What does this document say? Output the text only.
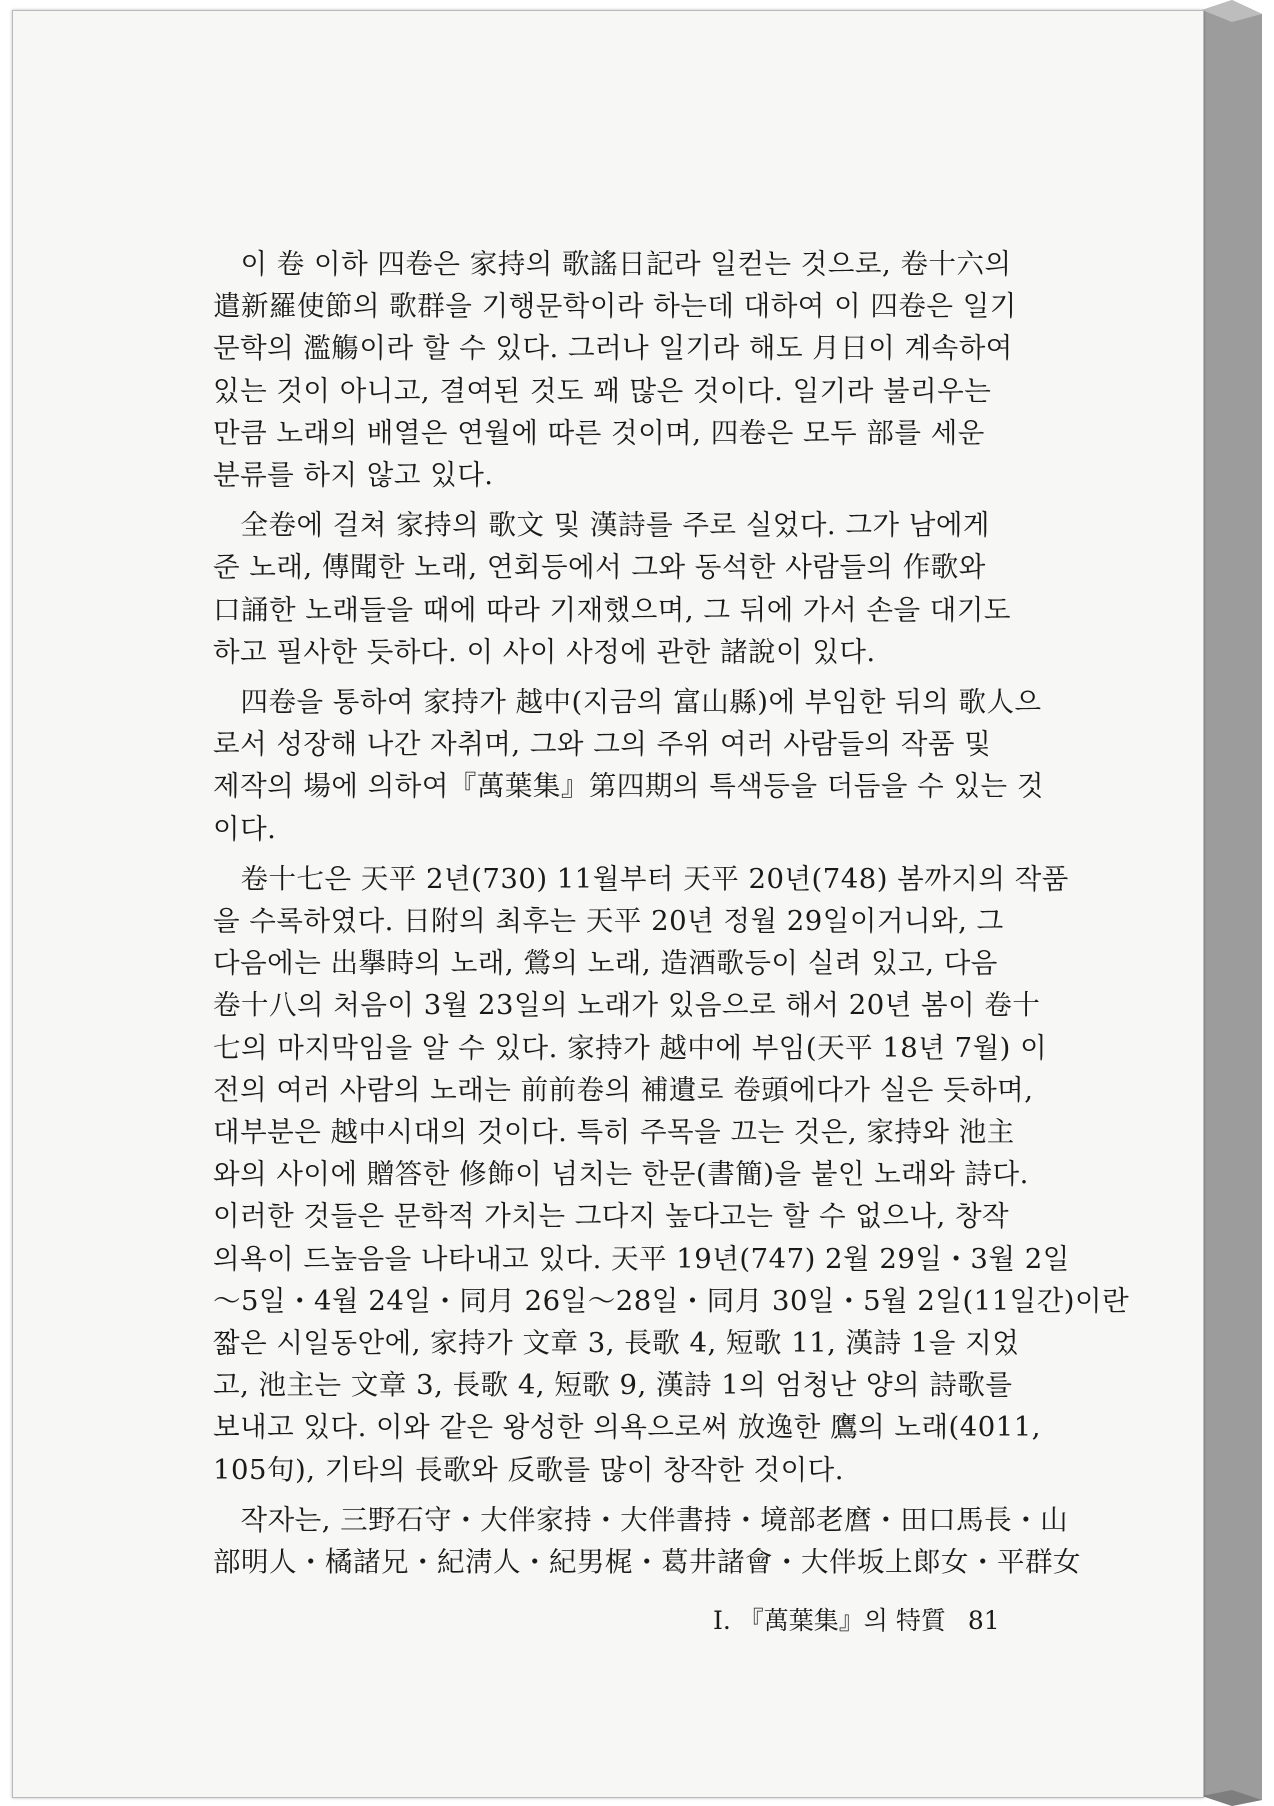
이 卷 이하 四卷은 家持의 歌謠日記라 일컫는 것으로, 卷十六의
遣新羅使節의 歌群을 기행문학이라 하는데 대하여 이 四卷은 일기
문학의 濫觴이라 할 수 있다. 그러나 일기라 해도 月日이 계속하여
있는 것이 아니고, 결여된 것도 꽤 많은 것이다. 일기라 불리우는
만큼 노래의 배열은 연월에 따른 것이며, 四卷은 모두 部를 세운
분류를 하지 않고 있다.
全卷에 걸쳐 家持의 歌文 및 漢詩를 주로 실었다. 그가 남에게
준 노래, 傳聞한 노래, 연회등에서 그와 동석한 사람들의 作歌와
口誦한 노래들을 때에 따라 기재했으며, 그 뒤에 가서 손을 대기도
하고 필사한 듯하다. 이 사이 사정에 관한 諸說이 있다.
四卷을 통하여 家持가 越中(지금의 富山縣)에 부임한 뒤의 歌人으
로서 성장해 나간 자취며, 그와 그의 주위 여러 사람들의 작품 및
제작의 場에 의하여『萬葉集』第四期의 특색등을 더듬을 수 있는 것
이다.
卷十七은 天平 2년(730) 11월부터 天平 20년(748) 봄까지의 작품
을 수록하였다. 日附의 최후는 天平 20년 정월 29일이거니와, 그
다음에는 出擧時의 노래, 鶯의 노래, 造酒歌등이 실려 있고, 다음
卷十八의 처음이 3월 23일의 노래가 있음으로 해서 20년 봄이 卷十
七의 마지막임을 알 수 있다. 家持가 越中에 부임(天平 18년 7월) 이
전의 여러 사람의 노래는 前前卷의 補遺로 卷頭에다가 실은 듯하며,
대부분은 越中시대의 것이다. 특히 주목을 끄는 것은, 家持와 池主
와의 사이에 贈答한 修飾이 넘치는 한문(書簡)을 붙인 노래와 詩다.
이러한 것들은 문학적 가치는 그다지 높다고는 할 수 없으나, 창작
의욕이 드높음을 나타내고 있다. 天平 19년(747) 2월 29일・3월 2일
～5일・4월 24일・同月 26일～28일・同月 30일・5월 2일(11일간)이란
짧은 시일동안에, 家持가 文章 3, 長歌 4, 短歌 11, 漢詩 1을 지었
고, 池主는 文章 3, 長歌 4, 短歌 9, 漢詩 1의 엄청난 양의 詩歌를
보내고 있다. 이와 같은 왕성한 의욕으로써 放逸한 鷹의 노래(4011,
105句), 기타의 長歌와 反歌를 많이 창작한 것이다.
작자는, 三野石守・大伴家持・大伴書持・境部老麿・田口馬長・山
部明人・橘諸兄・紀淸人・紀男梶・葛井諸會・大伴坂上郞女・平群女
I. 『萬葉集』의 特質 81
